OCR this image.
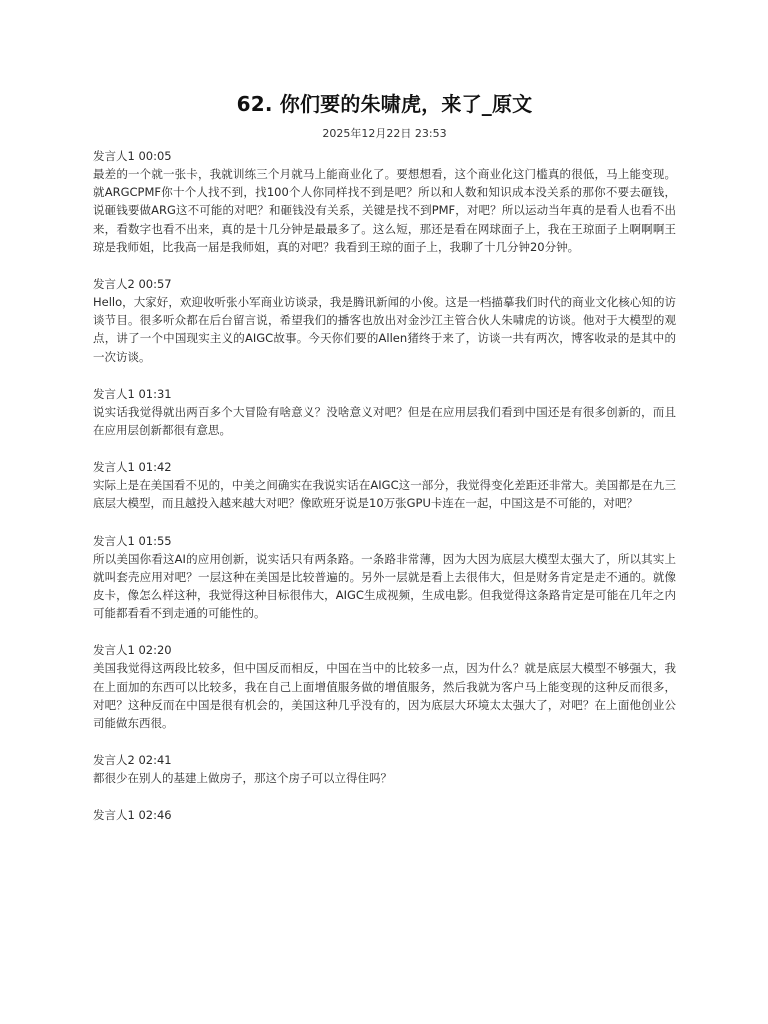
62. 你们要的朱啸虎，来了_原文
2025年12月22日 23:53
发言人1 00:05

最差的一个就一张卡，我就训练三个月就马上能商业化了。要想想看，这个商业化这门槛真的很低，马上能变现。就ARGCPMF你十个人找不到，找100个人你同样找不到是吧？所以和人数和知识成本没关系的那你不要去砸钱，说砸钱要做ARG这不可能的对吧？和砸钱没有关系，关键是找不到PMF，对吧？所以运动当年真的是看人也看不出来，看数字也看不出来，真的是十几分钟是最最多了。这么短，那还是看在网球面子上，我在王琼面子上啊啊啊王琼是我师姐，比我高一届是我师姐，真的对吧？我看到王琼的面子上，我聊了十几分钟20分钟。

发言人2 00:57

Hello，大家好，欢迎收听张小军商业访谈录，我是腾讯新闻的小俊。这是一档描摹我们时代的商业文化核心知的访谈节目。很多听众都在后台留言说，希望我们的播客也放出对金沙江主管合伙人朱啸虎的访谈。他对于大模型的观点，讲了一个中国现实主义的AIGC故事。今天你们要的Allen猪终于来了，访谈一共有两次，博客收录的是其中的一次访谈。

发言人1 01:31

说实话我觉得就出两百多个大冒险有啥意义？没啥意义对吧？但是在应用层我们看到中国还是有很多创新的，而且在应用层创新都很有意思。

发言人1 01:42

实际上是在美国看不见的，中美之间确实在我说实话在AIGC这一部分，我觉得变化差距还非常大。美国都是在九三底层大模型，而且越投入越来越大对吧？像欧班牙说是10万张GPU卡连在一起，中国这是不可能的，对吧？

发言人1 01:55

所以美国你看这AI的应用创新，说实话只有两条路。一条路非常薄，因为大因为底层大模型太强大了，所以其实上就叫套壳应用对吧？一层这种在美国是比较普遍的。另外一层就是看上去很伟大，但是财务肯定是走不通的。就像皮卡，像怎么样这种，我觉得这种目标很伟大，AIGC生成视频，生成电影。但我觉得这条路肯定是可能在几年之内可能都看看不到走通的可能性的。

发言人1 02:20

美国我觉得这两段比较多，但中国反而相反，中国在当中的比较多一点，因为什么？就是底层大模型不够强大，我在上面加的东西可以比较多，我在自己上面增值服务做的增值服务，然后我就为客户马上能变现的这种反而很多，对吧？这种反而在中国是很有机会的，美国这种几乎没有的，因为底层大环境太太强大了，对吧？在上面他创业公司能做东西很。

发言人2 02:41

都很少在别人的基建上做房子，那这个房子可以立得住吗？

发言人1 02:46
